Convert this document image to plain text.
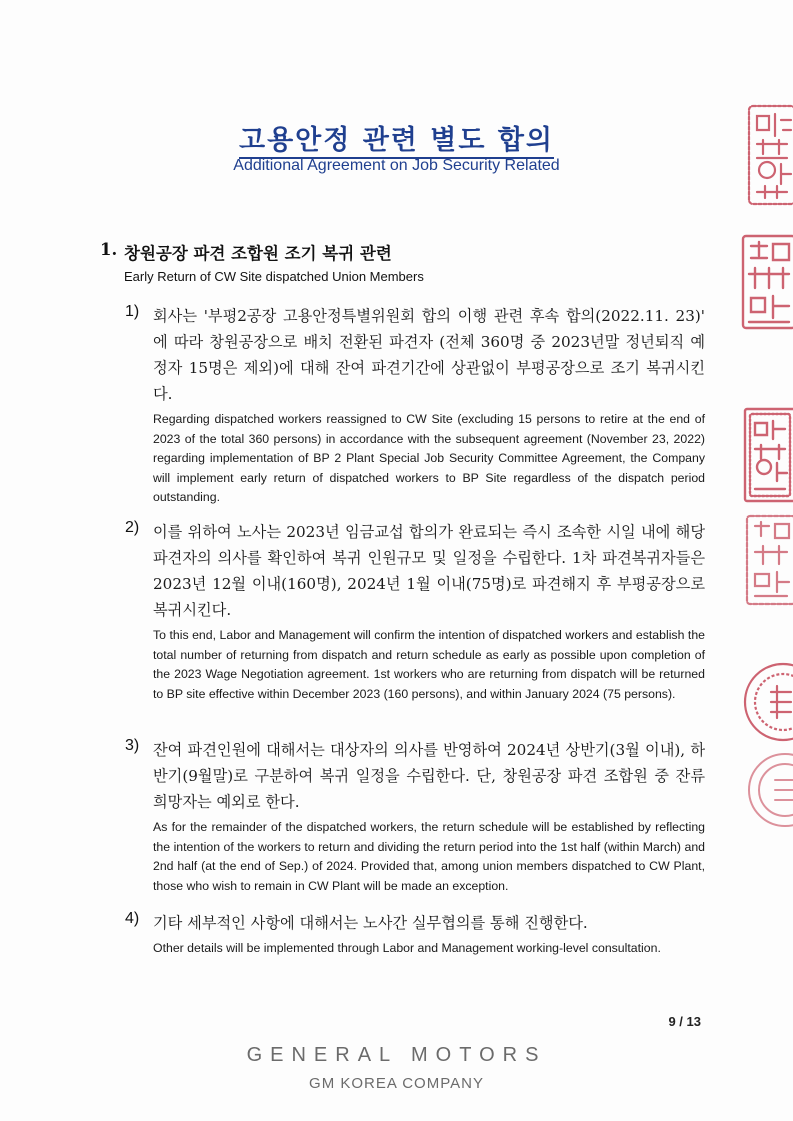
고용안정 관련 별도 합의
Additional Agreement on Job Security Related
1. 창원공장 파견 조합원 조기 복귀 관련
Early Return of CW Site dispatched Union Members
1) 회사는 '부평2공장 고용안정특별위원회 합의 이행 관련 후속 합의(2022.11. 23)' 에 따라 창원공장으로 배치 전환된 파견자 (전체 360명 중 2023년말 정년퇴직 예정자 15명은 제외)에 대해 잔여 파견기간에 상관없이 부평공장으로 조기 복귀시킨다.
Regarding dispatched workers reassigned to CW Site (excluding 15 persons to retire at the end of 2023 of the total 360 persons) in accordance with the subsequent agreement (November 23, 2022) regarding implementation of BP 2 Plant Special Job Security Committee Agreement, the Company will implement early return of dispatched workers to BP Site regardless of the dispatch period outstanding.
2) 이를 위하여 노사는 2023년 임금교섭 합의가 완료되는 즉시 조속한 시일 내에 해당 파견자의 의사를 확인하여 복귀 인원규모 및 일정을 수립한다. 1차 파견복귀자들은 2023년 12월 이내(160명), 2024년 1월 이내(75명)로 파견해지 후 부평공장으로 복귀시킨다.
To this end, Labor and Management will confirm the intention of dispatched workers and establish the total number of returning from dispatch and return schedule as early as possible upon completion of the 2023 Wage Negotiation agreement. 1st workers who are returning from dispatch will be returned to BP site effective within December 2023 (160 persons), and within January 2024 (75 persons).
3) 잔여 파견인원에 대해서는 대상자의 의사를 반영하여 2024년 상반기(3월 이내), 하반기(9월말)로 구분하여 복귀 일정을 수립한다. 단, 창원공장 파견 조합원 중 잔류 희망자는 예외로 한다.
As for the remainder of the dispatched workers, the return schedule will be established by reflecting the intention of the workers to return and dividing the return period into the 1st half (within March) and 2nd half (at the end of Sep.) of 2024. Provided that, among union members dispatched to CW Plant, those who wish to remain in CW Plant will be made an exception.
4) 기타 세부적인 사항에 대해서는 노사간 실무협의를 통해 진행한다.
Other details will be implemented through Labor and Management working-level consultation.
9 / 13
GENERAL MOTORS
GM KOREA COMPANY
